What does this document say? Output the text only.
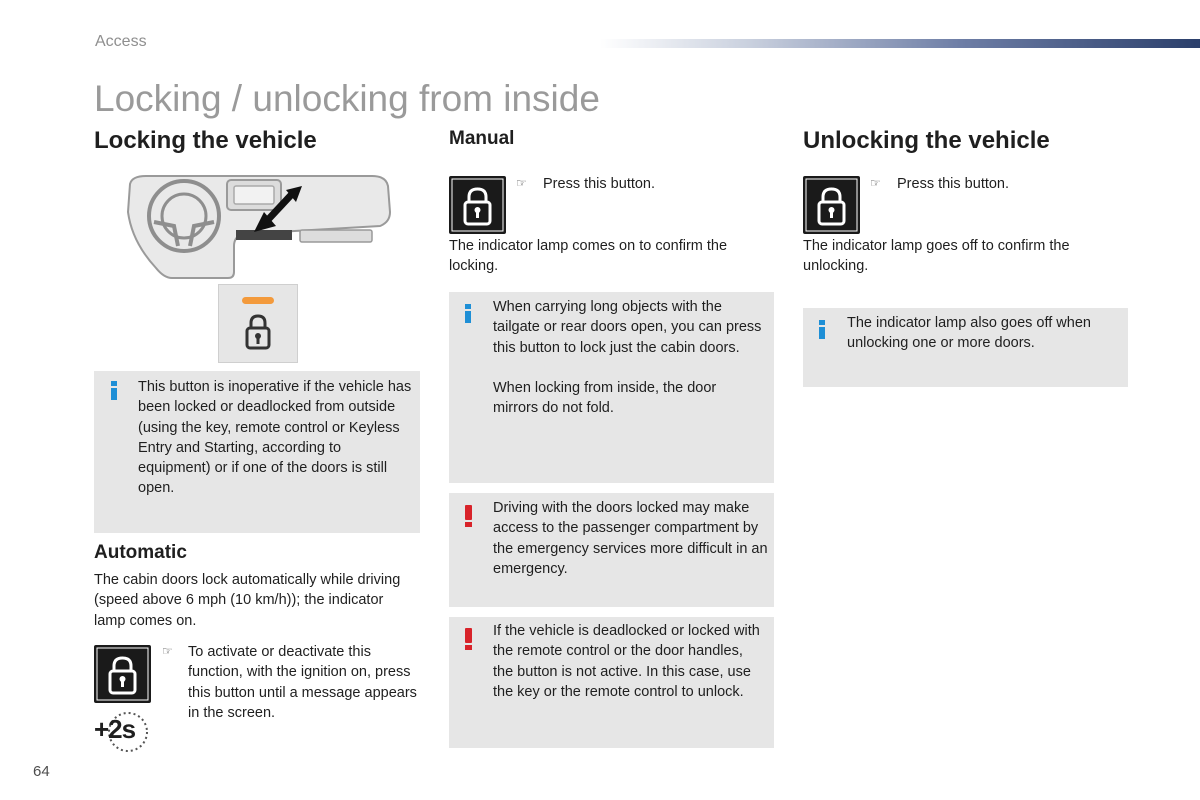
Access
Locking / unlocking from inside
Locking the vehicle
This button is inoperative if the vehicle has been locked or deadlocked from outside (using the key, remote control or Keyless Entry and Starting, according to equipment) or if one of the doors is still open.
Automatic
The cabin doors lock automatically while driving (speed above 6 mph (10 km/h)); the indicator lamp comes on.
☞ To activate or deactivate this function, with the ignition on, press this button until a message appears in the screen.
+2s
64
Manual
☞ Press this button.
The indicator lamp comes on to confirm the locking.
When carrying long objects with the tailgate or rear doors open, you can press this button to lock just the cabin doors.
When locking from inside, the door mirrors do not fold.
Driving with the doors locked may make access to the passenger compartment by the emergency services more difficult in an emergency.
If the vehicle is deadlocked or locked with the remote control or the door handles, the button is not active. In this case, use the key or the remote control to unlock.
Unlocking the vehicle
☞ Press this button.
The indicator lamp goes off to confirm the unlocking.
The indicator lamp also goes off when unlocking one or more doors.
